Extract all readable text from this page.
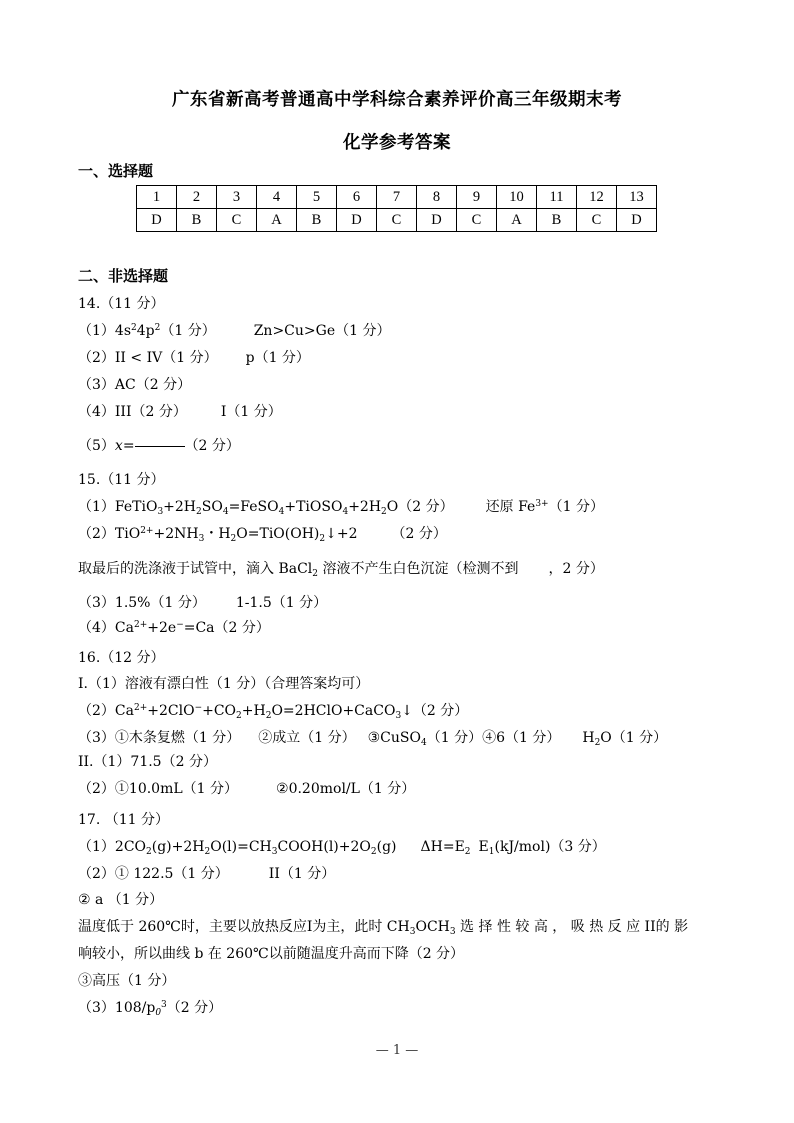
广东省新高考普通高中学科综合素养评价高三年级期末考
化学参考答案
一、选择题
1	2	3	4	5	6	7	8	9	10	11	12	13
D	B	C	A	B	D	C	D	C	A	B	C	D
二、非选择题
14.（11 分）
$(1)4s^24p^2(1$ 分）	Zn>Cu>Ge（1 分）
（2）II < IV（1 分） p（1 分）
（3）AC（2 分）
（4）III（2 分） I（1 分）
（5）x=	（2 分）
15.（11 分）
$(1)FeTiO_3+2H_2SO_4=FeSO_4+TiOSO_4+2H_2O(2$ 分） 还原 $Fe^{3+}(1$ 分）
$(2)TiO^{2+}+2NH_3$・$H_2O=TiO(OH)_2↓+2$ （2 分）
取最后的洗涤液于试管中，滴入 BaCl$_2$ 溶液不产生白色沉淀（检测不到 ，2 分）
（3）1.5%（1 分） 1-1.5（1 分）
$(4)Ca^{2+}+2e^-=Ca(2$ 分）
16.（12 分）
I.（1）溶液有漂白性（1 分）（合理答案均可）
$(2)Ca^{2+}+2ClO^-+CO_2+H_2O=2HClO+CaCO_3↓(2$ 分）
（3）①木条复燃（1 分） ②成立（1 分） ③CuSO$_4$（1 分）④6（1 分） $H_2O(1$ 分）
II.（1）71.5（2 分）
（2）①10.0mL（1 分）	②0.20mol/L（1 分）
17. （11 分）
$(1)2CO_2(g)+2H_2O(l)=CH_3COOH(l)+2O_2(g)$ $\Delta H=E_2$ $E_1(kJ/mol)(3$ 分）
（2）① 122.5（1 分）	II（1 分）
② a （1 分）
温度低于 260℃时，主要以放热反应I为主，此时 $CH_3OCH_3$ 选 择 性 较 高 ， 吸 热 反 应 II的 影
响较小，所以曲线 b 在 260℃以前随温度升高而下降（2 分）
③高压（1 分）
$(3)108/p_0^3(2$ 分）
— 1 —
